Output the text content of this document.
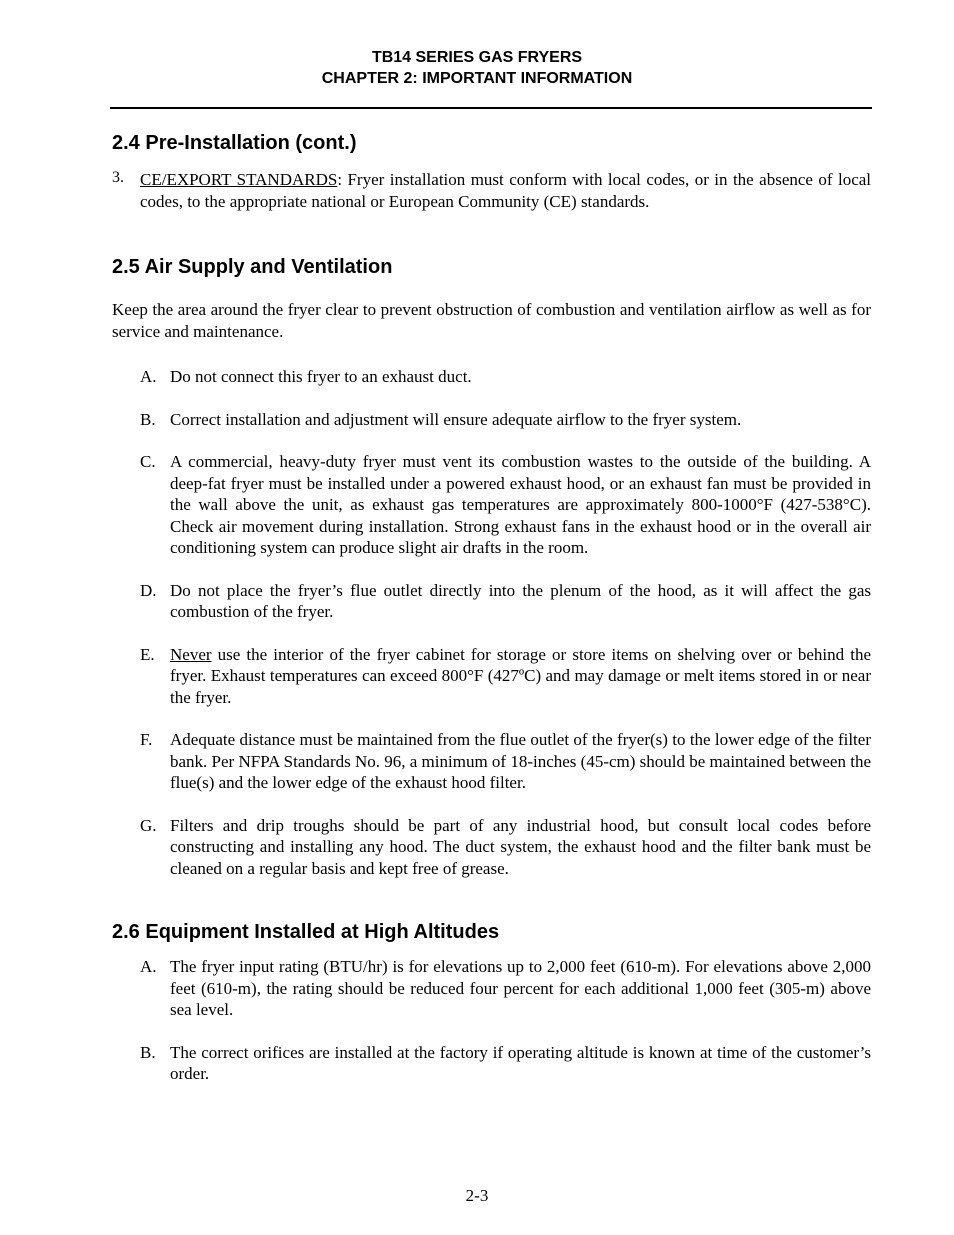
TB14 SERIES GAS FRYERS
CHAPTER 2: IMPORTANT INFORMATION
2.4 Pre-Installation (cont.)
3. CE/EXPORT STANDARDS: Fryer installation must conform with local codes, or in the absence of local codes, to the appropriate national or European Community (CE) standards.

2.5 Air Supply and Ventilation

Keep the area around the fryer clear to prevent obstruction of combustion and ventilation airflow as well as for service and maintenance.

A. Do not connect this fryer to an exhaust duct.

B. Correct installation and adjustment will ensure adequate airflow to the fryer system.

C. A commercial, heavy-duty fryer must vent its combustion wastes to the outside of the building. A deep-fat fryer must be installed under a powered exhaust hood, or an exhaust fan must be provided in the wall above the unit, as exhaust gas temperatures are approximately 800-1000°F (427-538°C). Check air movement during installation. Strong exhaust fans in the exhaust hood or in the overall air conditioning system can produce slight air drafts in the room.

D. Do not place the fryer’s flue outlet directly into the plenum of the hood, as it will affect the gas combustion of the fryer.

E. Never use the interior of the fryer cabinet for storage or store items on shelving over or behind the fryer. Exhaust temperatures can exceed 800°F (427ºC) and may damage or melt items stored in or near the fryer.

F. Adequate distance must be maintained from the flue outlet of the fryer(s) to the lower edge of the filter bank. Per NFPA Standards No. 96, a minimum of 18-inches (45-cm) should be maintained between the flue(s) and the lower edge of the exhaust hood filter.

G. Filters and drip troughs should be part of any industrial hood, but consult local codes before constructing and installing any hood. The duct system, the exhaust hood and the filter bank must be cleaned on a regular basis and kept free of grease.

2.6 Equipment Installed at High Altitudes
A. The fryer input rating (BTU/hr) is for elevations up to 2,000 feet (610-m). For elevations above 2,000 feet (610-m), the rating should be reduced four percent for each additional 1,000 feet (305-m) above sea level.

B. The correct orifices are installed at the factory if operating altitude is known at time of the customer’s order.

2-3
